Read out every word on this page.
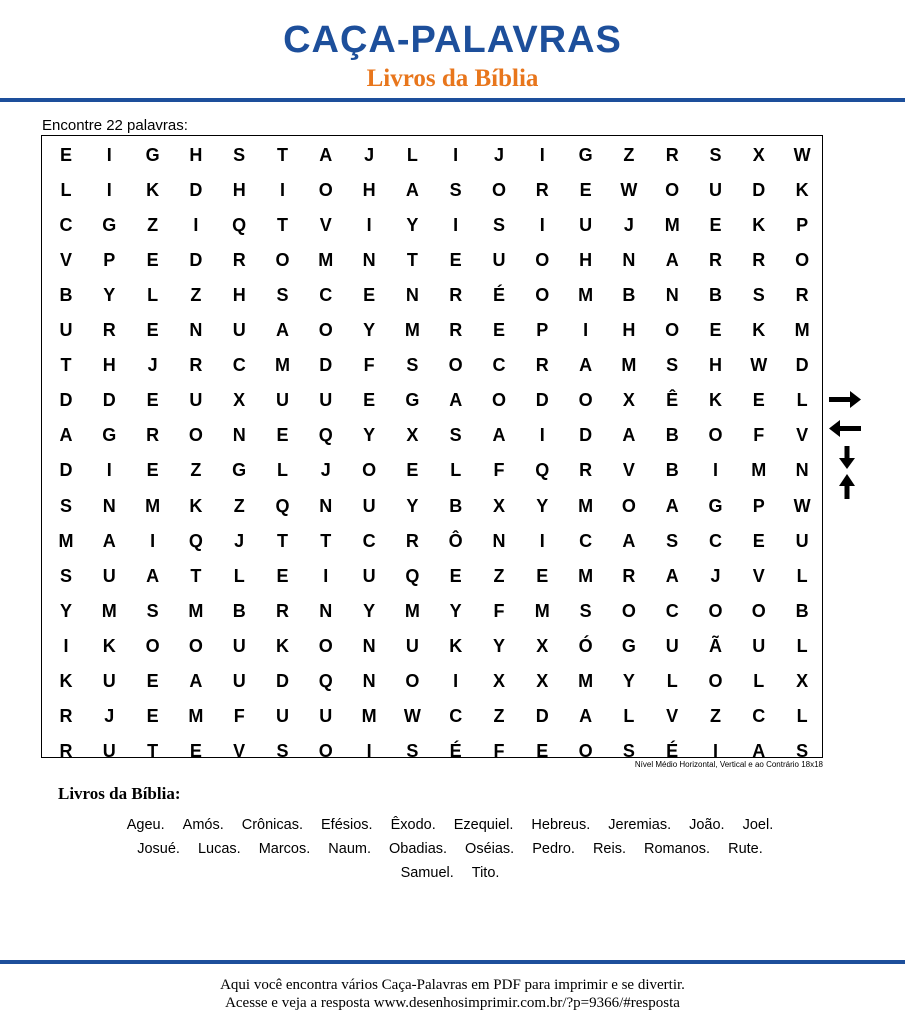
CAÇA-PALAVRAS
Livros da Bíblia
Encontre 22 palavras:
E	I	G	H	S	T	A	J	L	I	J	I	G	Z	R	S	X	W
L	I	K	D	H	I	O	H	A	S	O	R	E	W	O	U	D	K
C	G	Z	I	Q	T	V	I	Y	I	S	I	U	J	M	E	K	P
V	P	E	D	R	O	M	N	T	E	U	O	H	N	A	R	R	O
B	Y	L	Z	H	S	C	E	N	R	É	O	M	B	N	B	S	R
U	R	E	N	U	A	O	Y	M	R	E	P	I	H	O	E	K	M
T	H	J	R	C	M	D	F	S	O	C	R	A	M	S	H	W	D
D	D	E	U	X	U	U	E	G	A	O	D	O	X	Ê	K	E	L
A	G	R	O	N	E	Q	Y	X	S	A	I	D	A	B	O	F	V
D	I	E	Z	G	L	J	O	E	L	F	Q	R	V	B	I	M	N
S	N	M	K	Z	Q	N	U	Y	B	X	Y	M	O	A	G	P	W
M	A	I	Q	J	T	T	C	R	Ô	N	I	C	A	S	C	E	U
S	U	A	T	L	E	I	U	Q	E	Z	E	M	R	A	J	V	L
Y	M	S	M	B	R	N	Y	M	Y	F	M	S	O	C	O	O	B
I	K	O	O	U	K	O	N	U	K	Y	X	Ó	G	U	Ã	U	L
K	U	E	A	U	D	Q	N	O	I	X	X	M	Y	L	O	L	X
R	J	E	M	F	U	U	M	W	C	Z	D	A	L	V	Z	C	L
R	U	T	E	V	S	O	I	S	É	F	E	O	S	É	I	A	S
Nível Médio Horizontal, Vertical e ao Contrário 18x18
Livros da Bíblia:
Ageu. Amós. Crônicas. Efésios. Êxodo. Ezequiel. Hebreus. Jeremias. João. Joel.
Josué. Lucas. Marcos. Naum. Obadias. Oséias. Pedro. Reis. Romanos. Rute.
Samuel. Tito.
Aqui você encontra vários Caça-Palavras em PDF para imprimir e se divertir.
Acesse e veja a resposta www.desenhosimprimir.com.br/?p=9366/#resposta
